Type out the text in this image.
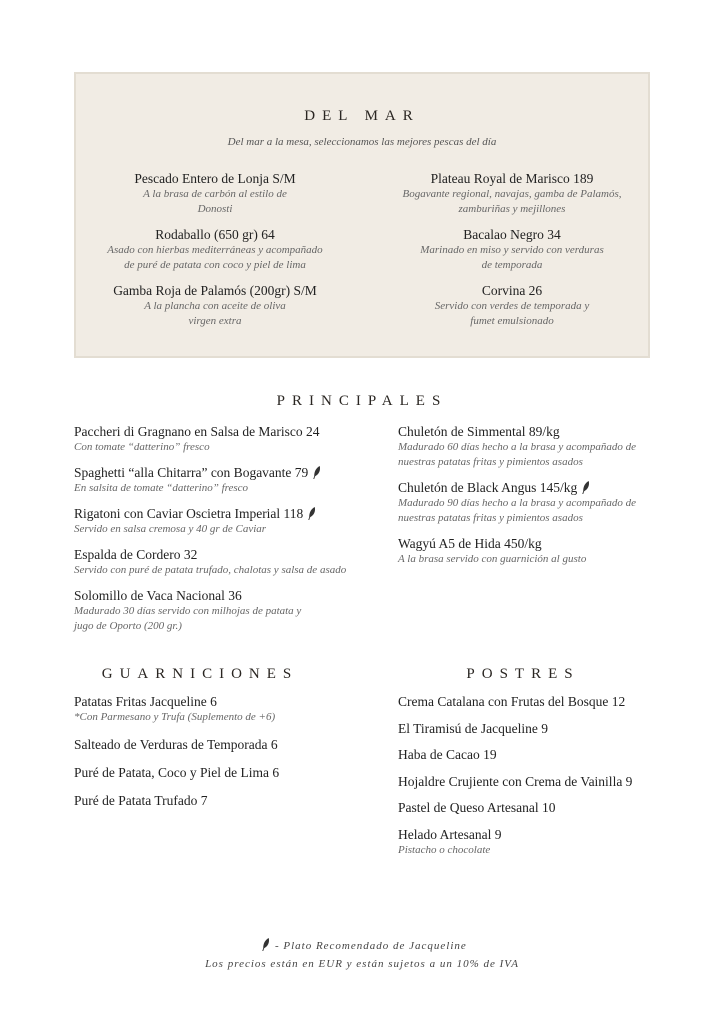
DEL MAR
Del mar a la mesa, seleccionamos las mejores pescas del día
Pescado Entero de Lonja S/M
A la brasa de carbón al estilo de
Donosti
Rodaballo (650 gr) 64
Asado con hierbas mediterráneas y acompañado
de puré de patata con coco y piel de lima
Gamba Roja de Palamós (200gr) S/M
A la plancha con aceite de oliva
virgen extra
Plateau Royal de Marisco 189
Bogavante regional, navajas, gamba de Palamós,
zamburiñas y mejillones
Bacalao Negro 34
Marinado en miso y servido con verduras
de temporada
Corvina 26
Servido con verdes de temporada y
fumet emulsionado
PRINCIPALES
Paccheri di Gragnano en Salsa de Marisco 24
Con tomate “datterino” fresco
Spaghetti “alla Chitarra” con Bogavante 79
En salsita de tomate “datterino” fresco
Rigatoni con Caviar Oscietra Imperial 118
Servido en salsa cremosa y 40 gr de Caviar
Espalda de Cordero 32
Servido con puré de patata trufado, chalotas y salsa de asado
Solomillo de Vaca Nacional 36
Madurado 30 días servido con milhojas de patata y
jugo de Oporto (200 gr.)
Chuletón de Simmental 89/kg
Madurado 60 días hecho a la brasa y acompañado de
nuestras patatas fritas y pimientos asados
Chuletón de Black Angus 145/kg
Madurado 90 días hecho a la brasa y acompañado de
nuestras patatas fritas y pimientos asados
Wagyú A5 de Hida 450/kg
A la brasa servido con guarnición al gusto
GUARNICIONES
Patatas Fritas Jacqueline 6
*Con Parmesano y Trufa (Suplemento de +6)
Salteado de Verduras de Temporada 6
Puré de Patata, Coco y Piel de Lima 6
Puré de Patata Trufado 7
POSTRES
Crema Catalana con Frutas del Bosque 12
El Tiramisú de Jacqueline 9
Haba de Cacao 19
Hojaldre Crujiente con Crema de Vainilla 9
Pastel de Queso Artesanal 10
Helado Artesanal 9
Pistacho o chocolate
- Plato Recomendado de Jacqueline
Los precios están en EUR y están sujetos a un 10% de IVA
